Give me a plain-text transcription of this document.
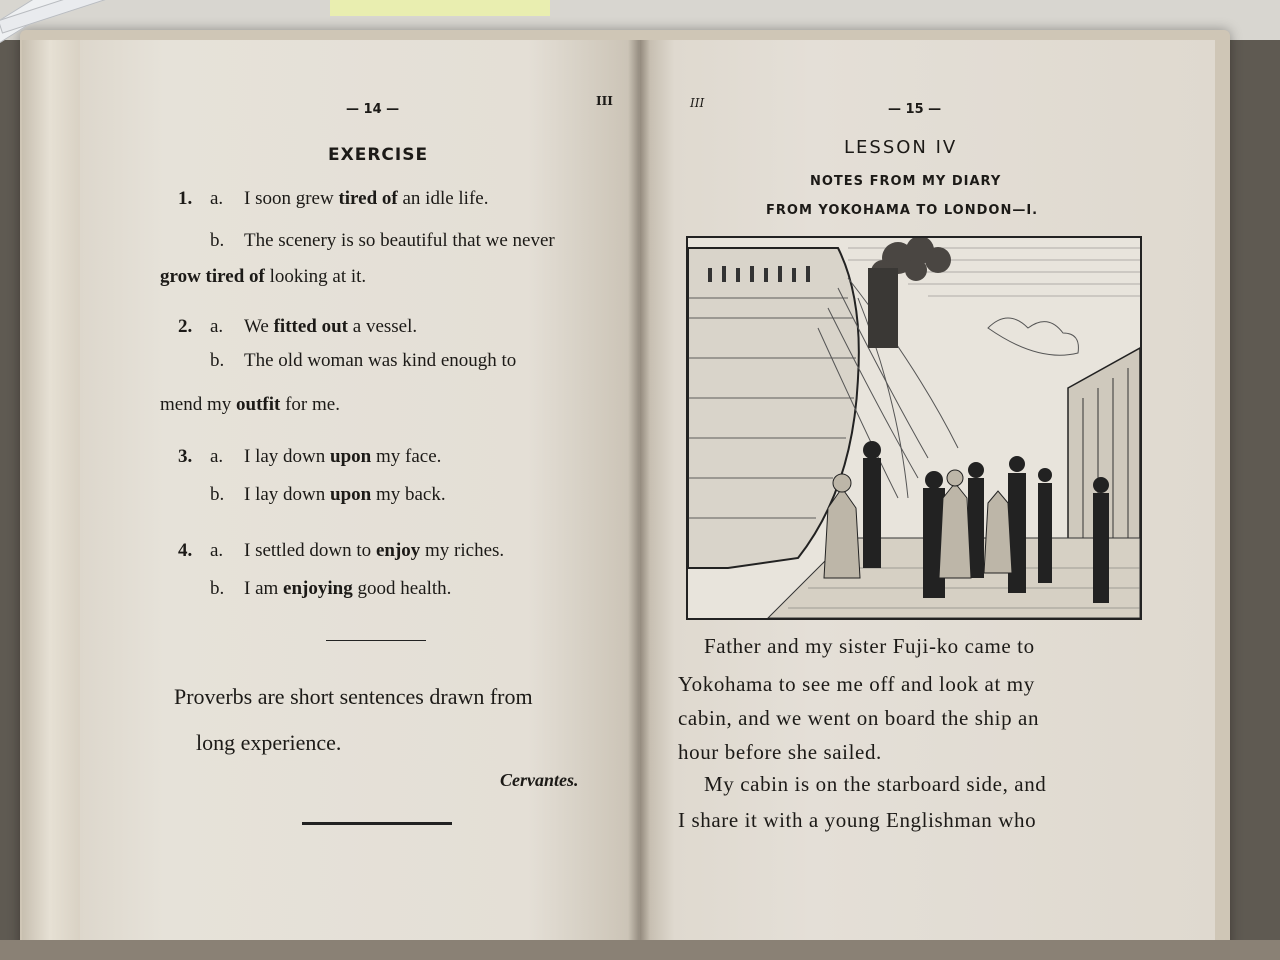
— 14 —
III
EXERCISE
1. a. I soon grew tired of an idle life.
b. The scenery is so beautiful that we never
grow tired of looking at it.
2. a. We fitted out a vessel.
b. The old woman was kind enough to
mend my outfit for me.
3. a. I lay down upon my face.
b. I lay down upon my back.
4. a. I settled down to enjoy my riches.
b. I am enjoying good health.
Proverbs are short sentences drawn from
long experience.
Cervantes.
III	— 15 —
LESSON IV
NOTES FROM MY DIARY
FROM YOKOHAMA TO LONDON—I.
Father and my sister Fuji-ko came to
Yokohama to see me off and look at my
cabin, and we went on board the ship an
hour before she sailed.
My cabin is on the starboard side, and
I share it with a young Englishman who
